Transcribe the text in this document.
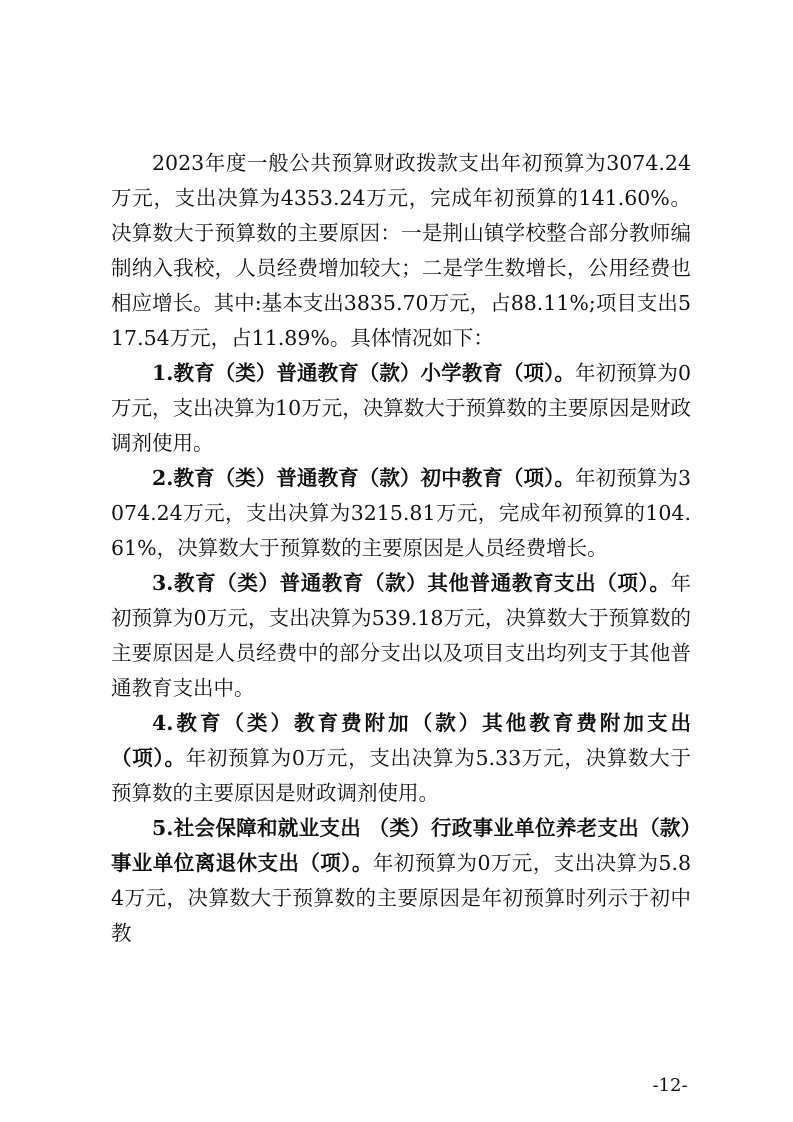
2023年度一般公共预算财政拨款支出年初预算为3074.24万元，支出决算为4353.24万元，完成年初预算的141.60%。决算数大于预算数的主要原因：一是荆山镇学校整合部分教师编制纳入我校，人员经费增加较大；二是学生数增长，公用经费也相应增长。其中:基本支出3835.70万元，占88.11%;项目支出517.54万元，占11.89%。具体情况如下：

1.教育（类）普通教育（款）小学教育（项）。年初预算为0万元，支出决算为10万元，决算数大于预算数的主要原因是财政调剂使用。

2.教育（类）普通教育（款）初中教育（项）。年初预算为3074.24万元，支出决算为3215.81万元，完成年初预算的104.61%，决算数大于预算数的主要原因是人员经费增长。

3.教育（类）普通教育（款）其他普通教育支出（项）。年初预算为0万元，支出决算为539.18万元，决算数大于预算数的主要原因是人员经费中的部分支出以及项目支出均列支于其他普通教育支出中。

4.教育（类）教育费附加（款）其他教育费附加支出（项）。年初预算为0万元，支出决算为5.33万元，决算数大于预算数的主要原因是财政调剂使用。

5.社会保障和就业支出 （类）行政事业单位养老支出（款）事业单位离退休支出（项）。年初预算为0万元，支出决算为5.84万元，决算数大于预算数的主要原因是年初预算时列示于初中教

-12-
